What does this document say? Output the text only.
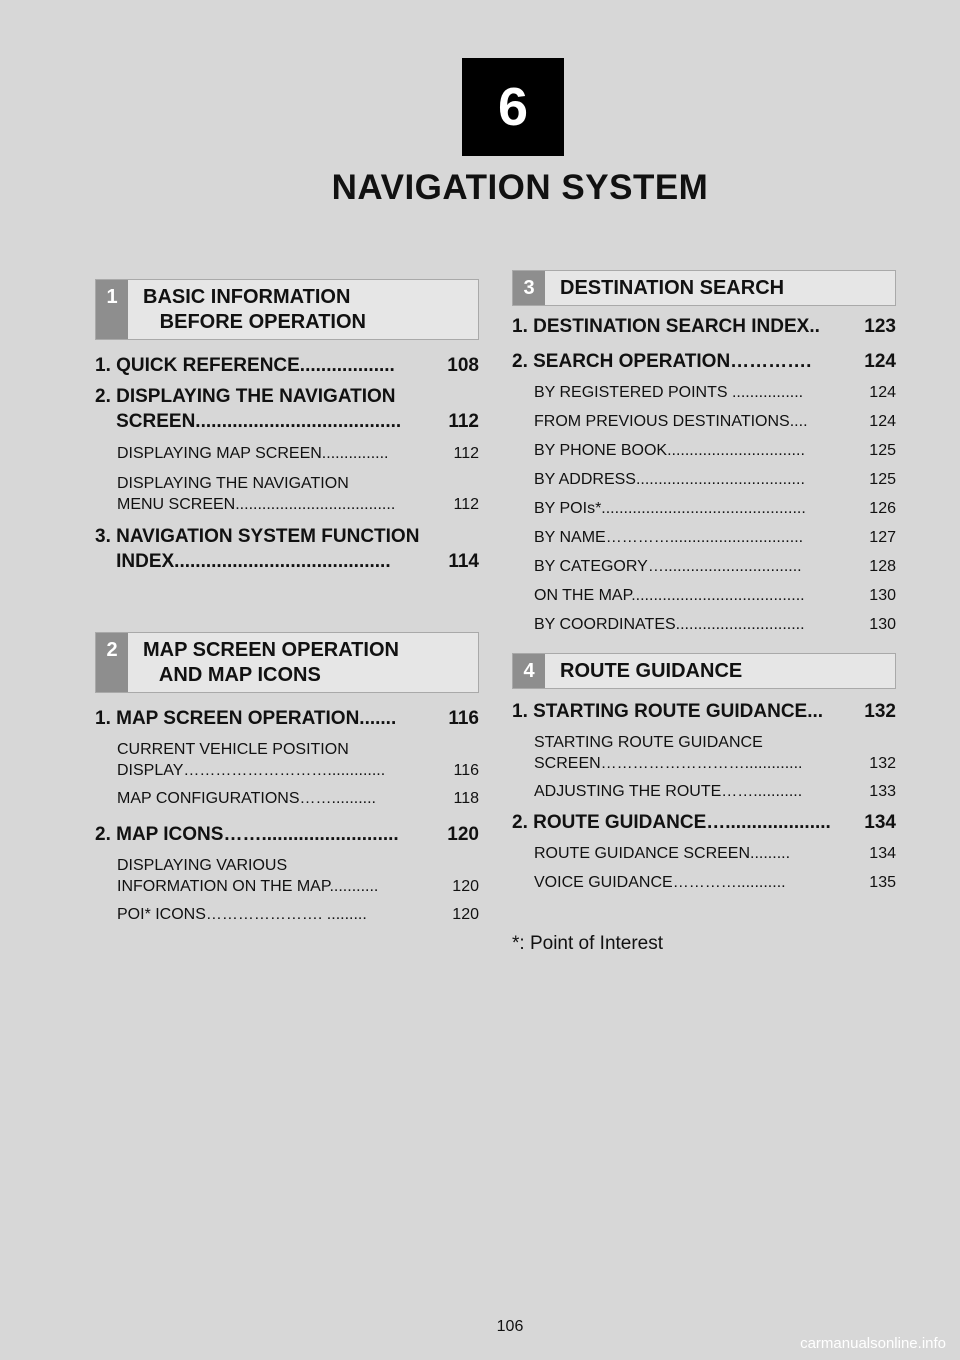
6
NAVIGATION SYSTEM
1	BASIC INFORMATION
BEFORE OPERATION
1. QUICK REFERENCE..................	108
2. DISPLAYING THE NAVIGATION
SCREEN....................................... 112
DISPLAYING MAP SCREEN...............	112
DISPLAYING THE NAVIGATION
MENU SCREEN....................................	112
3. NAVIGATION SYSTEM FUNCTION
INDEX.........................................	114
2	MAP SCREEN OPERATION
AND MAP ICONS
1. MAP SCREEN OPERATION.......	116
CURRENT VEHICLE POSITION
DISPLAY……………………….............	116
MAP CONFIGURATIONS……..........	118
2. MAP ICONS……..........................	120
DISPLAYING VARIOUS
INFORMATION ON THE MAP...........	120
POI* ICONS…………………. .........	120
3	DESTINATION SEARCH
1. DESTINATION SEARCH INDEX.. 123
2. SEARCH OPERATION………….	124
BY REGISTERED POINTS ................	124
FROM PREVIOUS DESTINATIONS....	124
BY PHONE BOOK...............................	125
BY ADDRESS......................................	125
BY POIs*..............................................	126
BY NAME…………..............................	127
BY CATEGORY…...............................	128
ON THE MAP.......................................	130
BY COORDINATES.............................	130
4	ROUTE GUIDANCE
1. STARTING ROUTE GUIDANCE... 132
STARTING ROUTE GUIDANCE
SCREEN……………………….............	132
ADJUSTING THE ROUTE……...........	133
2. ROUTE GUIDANCE….................... 134
ROUTE GUIDANCE SCREEN.........	134
VOICE GUIDANCE…………...........	135
*: Point of Interest
106
carmanualsonline.info
